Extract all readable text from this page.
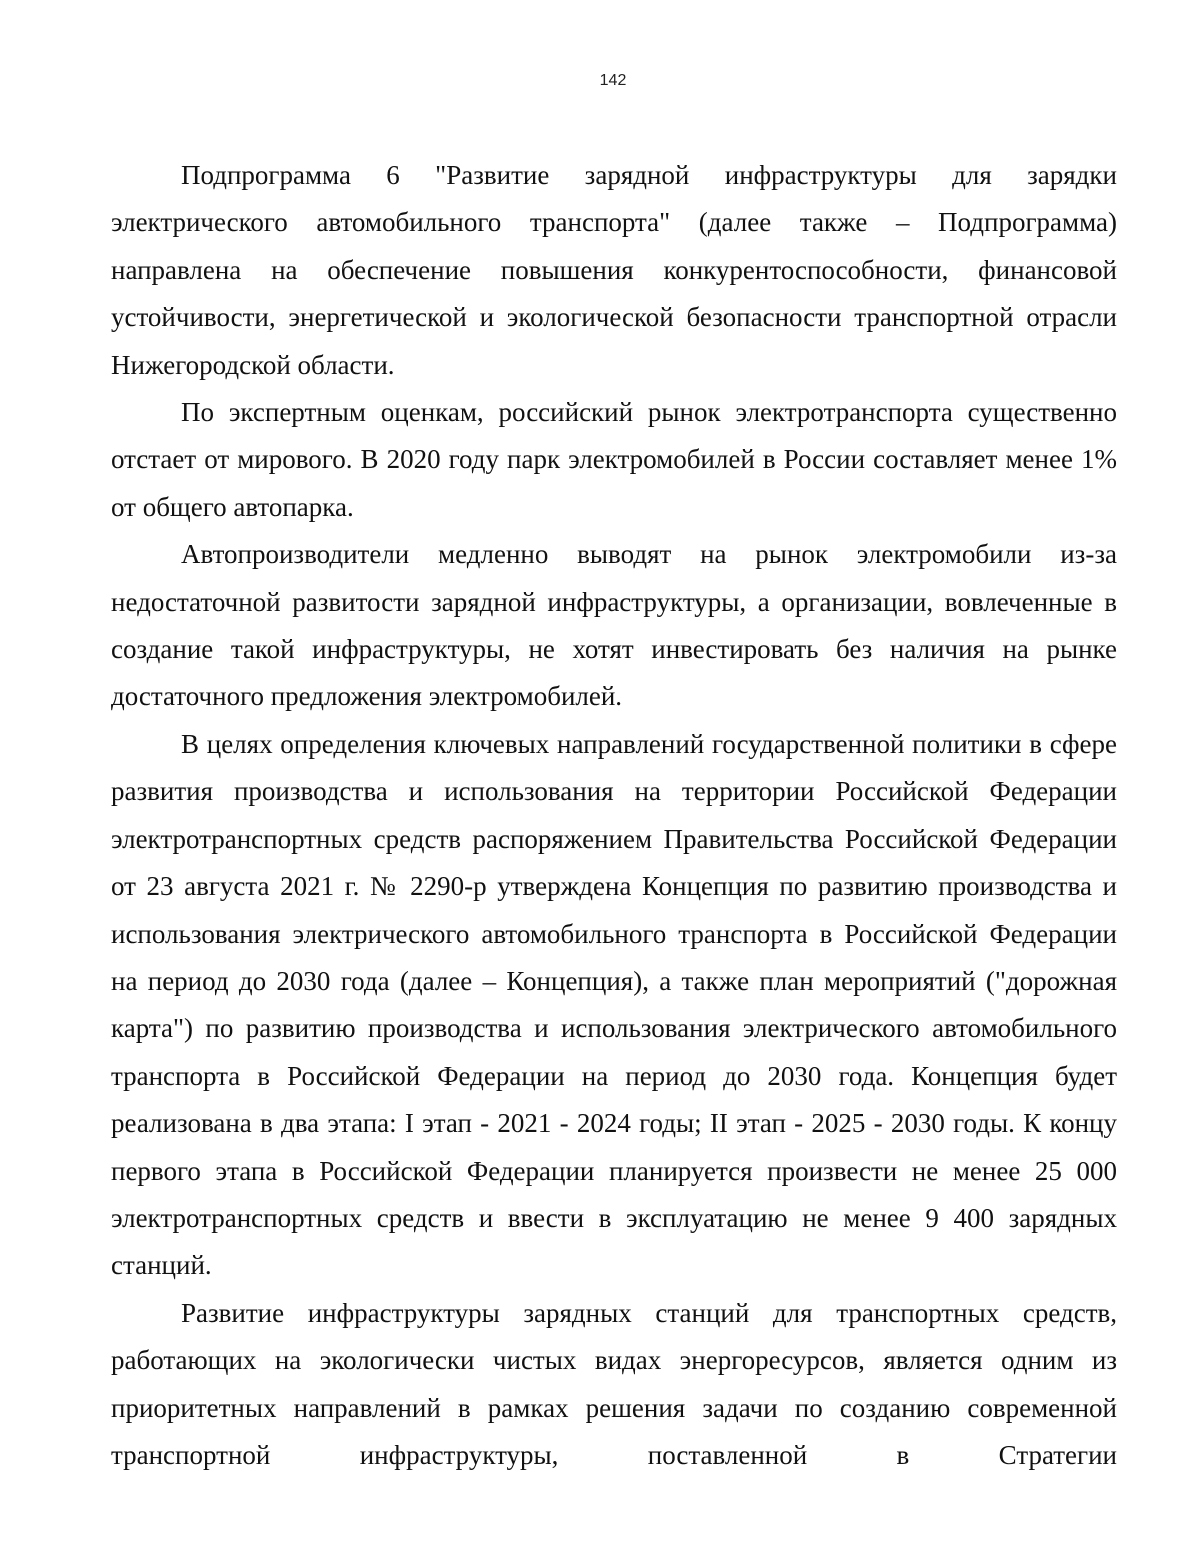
142

Подпрограмма 6 "Развитие зарядной инфраструктуры для зарядки электрического автомобильного транспорта" (далее также – Подпрограмма) направлена на обеспечение повышения конкурентоспособности, финансовой устойчивости, энергетической и экологической безопасности транспортной отрасли Нижегородской области.

По экспертным оценкам, российский рынок электротранспорта существенно отстает от мирового. В 2020 году парк электромобилей в России составляет менее 1% от общего автопарка.

Автопроизводители медленно выводят на рынок электромобили из-за недостаточной развитости зарядной инфраструктуры, а организации, вовлеченные в создание такой инфраструктуры, не хотят инвестировать без наличия на рынке достаточного предложения электромобилей.

В целях определения ключевых направлений государственной политики в сфере развития производства и использования на территории Российской Федерации электротранспортных средств распоряжением Правительства Российской Федерации от 23 августа 2021 г. № 2290-р утверждена Концепция по развитию производства и использования электрического автомобильного транспорта в Российской Федерации на период до 2030 года (далее – Концепция), а также план мероприятий ("дорожная карта") по развитию производства и использования электрического автомобильного транспорта в Российской Федерации на период до 2030 года. Концепция будет реализована в два этапа: I этап - 2021 - 2024 годы; II этап - 2025 - 2030 годы. К концу первого этапа в Российской Федерации планируется произвести не менее 25 000 электротранспортных средств и ввести в эксплуатацию не менее 9 400 зарядных станций.

Развитие инфраструктуры зарядных станций для транспортных средств, работающих на экологически чистых видах энергоресурсов, является одним из приоритетных направлений в рамках решения задачи по созданию современной транспортной инфраструктуры, поставленной в Стратегии
